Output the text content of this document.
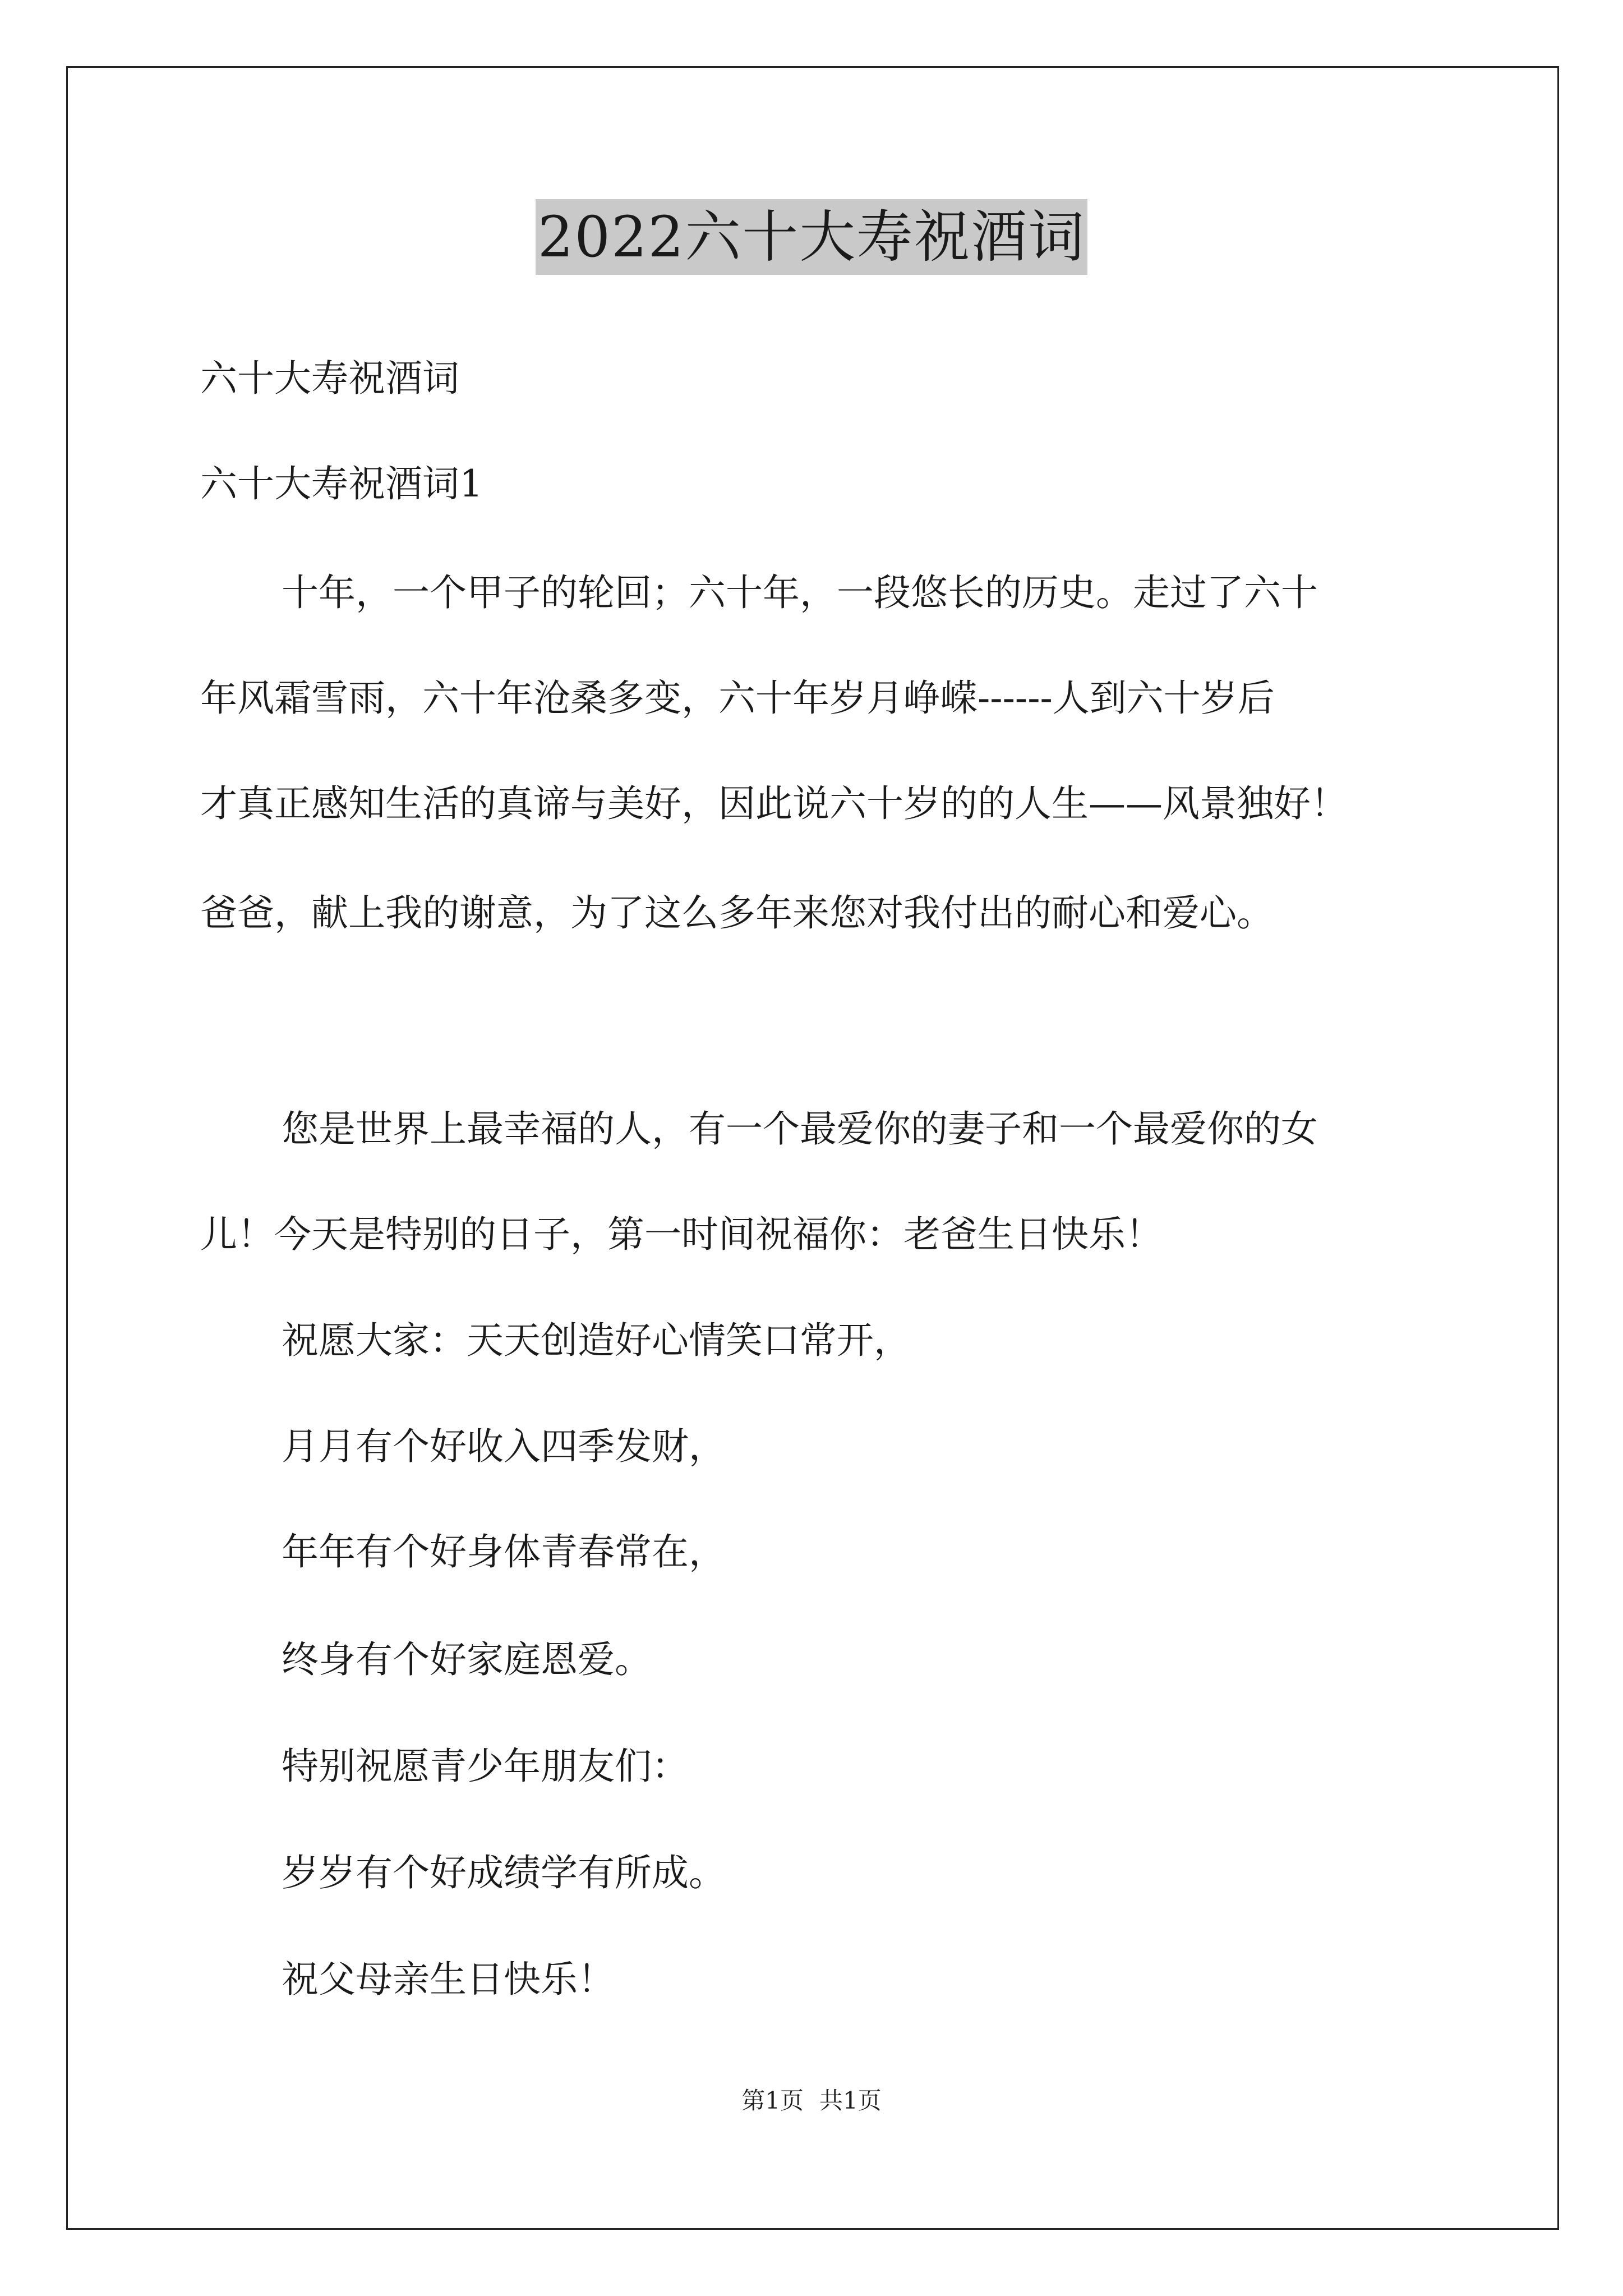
2022六十大寿祝酒词
六十大寿祝酒词
六十大寿祝酒词1
十年，一个甲子的轮回；六十年，一段悠长的历史。走过了六十
年风霜雪雨，六十年沧桑多变，六十年岁月峥嵘------人到六十岁后
才真正感知生活的真谛与美好，因此说六十岁的的人生——风景独好！
爸爸，献上我的谢意，为了这么多年来您对我付出的耐心和爱心。
您是世界上最幸福的人，有一个最爱你的妻子和一个最爱你的女
儿！今天是特别的日子，第一时间祝福你：老爸生日快乐！
祝愿大家：天天创造好心情笑口常开，
月月有个好收入四季发财，
年年有个好身体青春常在，
终身有个好家庭恩爱。
特别祝愿青少年朋友们：
岁岁有个好成绩学有所成。
祝父母亲生日快乐！
第1页 共1页
